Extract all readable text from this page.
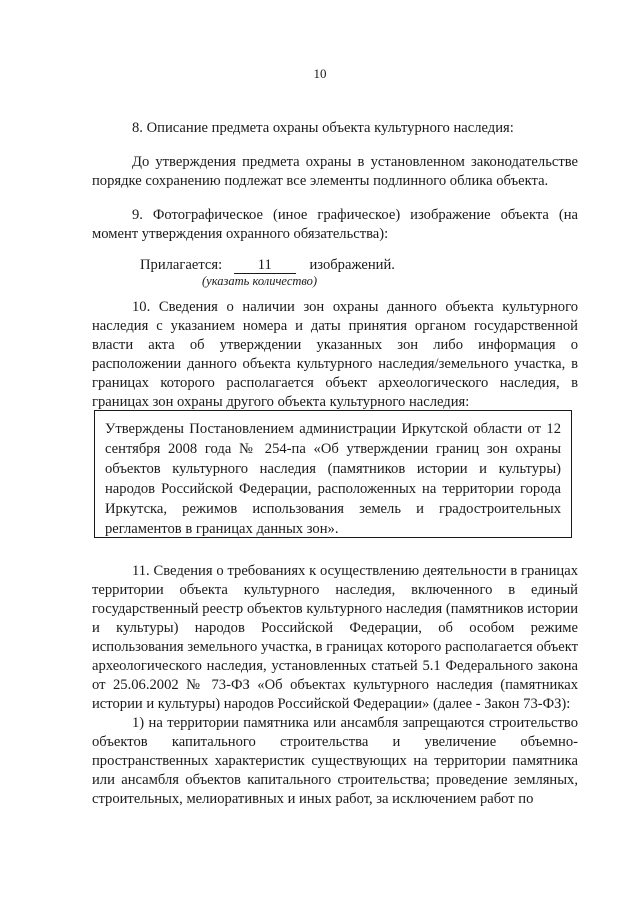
10

8. Описание предмета охраны объекта культурного наследия:

До утверждения предмета охраны в установленном законодательстве порядке сохранению подлежат все элементы подлинного облика объекта.

9. Фотографическое (иное графическое) изображение объекта (на момент утверждения охранного обязательства):

Прилагается: 11	изображений.
(указать количество)

10. Сведения о наличии зон охраны данного объекта культурного наследия с указанием номера и даты принятия органом государственной власти акта об утверждении указанных зон либо информация о расположении данного объекта культурного наследия/земельного участка, в границах которого располагается объект археологического наследия, в границах зон охраны другого объекта культурного наследия:

Утверждены Постановлением администрации Иркутской области от 12 сентября 2008 года № 254-па «Об утверждении границ зон охраны объектов культурного наследия (памятников истории и культуры) народов Российской Федерации, расположенных на территории города Иркутска, режимов использования земель и градостроительных регламентов в границах данных зон».

11. Сведения о требованиях к осуществлению деятельности в границах территории объекта культурного наследия, включенного в единый государственный реестр объектов культурного наследия (памятников истории и культуры) народов Российской Федерации, об особом режиме использования земельного участка, в границах которого располагается объект археологического наследия, установленных статьей 5.1 Федерального закона от 25.06.2002 № 73-ФЗ «Об объектах культурного наследия (памятниках истории и культуры) народов Российской Федерации» (далее - Закон 73-ФЗ):

1) на территории памятника или ансамбля запрещаются строительство объектов капитального строительства и увеличение объемно-пространственных характеристик существующих на территории памятника или ансамбля объектов капитального строительства; проведение земляных, строительных, мелиоративных и иных работ, за исключением работ по
